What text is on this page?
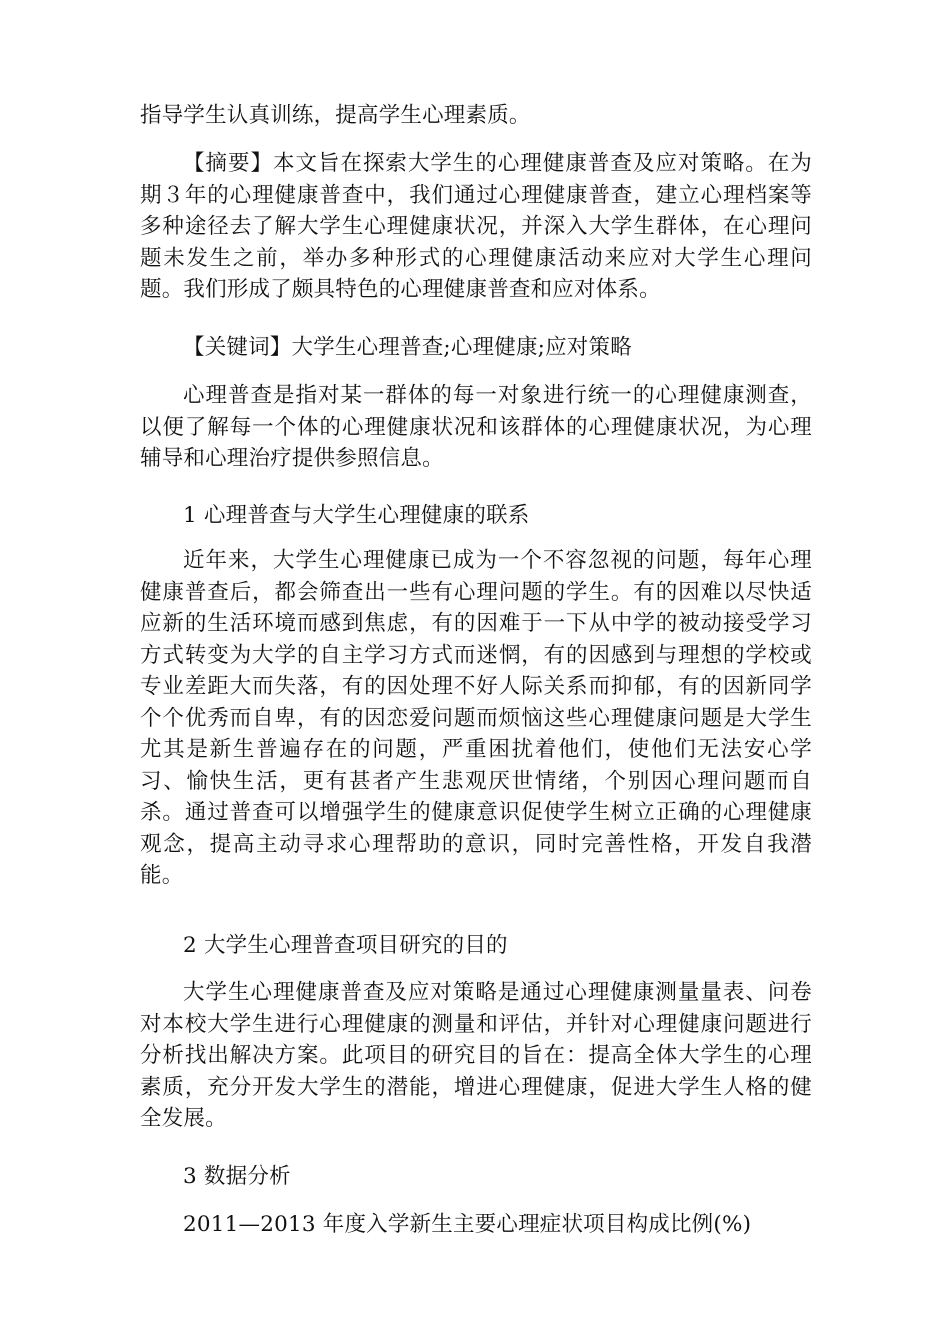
指导学生认真训练，提高学生心理素质。

【摘要】本文旨在探索大学生的心理健康普查及应对策略。在为期３年的心理健康普查中，我们通过心理健康普查，建立心理档案等多种途径去了解大学生心理健康状况，并深入大学生群体，在心理问题未发生之前，举办多种形式的心理健康活动来应对大学生心理问题。我们形成了颇具特色的心理健康普查和应对体系。

【关键词】大学生心理普查;心理健康;应对策略

心理普查是指对某一群体的每一对象进行统一的心理健康测查，以便了解每一个体的心理健康状况和该群体的心理健康状况，为心理辅导和心理治疗提供参照信息。

1 心理普查与大学生心理健康的联系

近年来，大学生心理健康已成为一个不容忽视的问题，每年心理健康普查后，都会筛查出一些有心理问题的学生。有的因难以尽快适应新的生活环境而感到焦虑，有的因难于一下从中学的被动接受学习方式转变为大学的自主学习方式而迷惘，有的因感到与理想的学校或专业差距大而失落，有的因处理不好人际关系而抑郁，有的因新同学个个优秀而自卑，有的因恋爱问题而烦恼这些心理健康问题是大学生尤其是新生普遍存在的问题，严重困扰着他们，使他们无法安心学习、愉快生活，更有甚者产生悲观厌世情绪，个别因心理问题而自杀。通过普查可以增强学生的健康意识促使学生树立正确的心理健康观念，提高主动寻求心理帮助的意识，同时完善性格，开发自我潜能。

2 大学生心理普查项目研究的目的

大学生心理健康普查及应对策略是通过心理健康测量量表、问卷对本校大学生进行心理健康的测量和评估，并针对心理健康问题进行分析找出解决方案。此项目的研究目的旨在：提高全体大学生的心理素质，充分开发大学生的潜能，增进心理健康，促进大学生人格的健全发展。

3 数据分析

2011—2013 年度入学新生主要心理症状项目构成比例(%)
